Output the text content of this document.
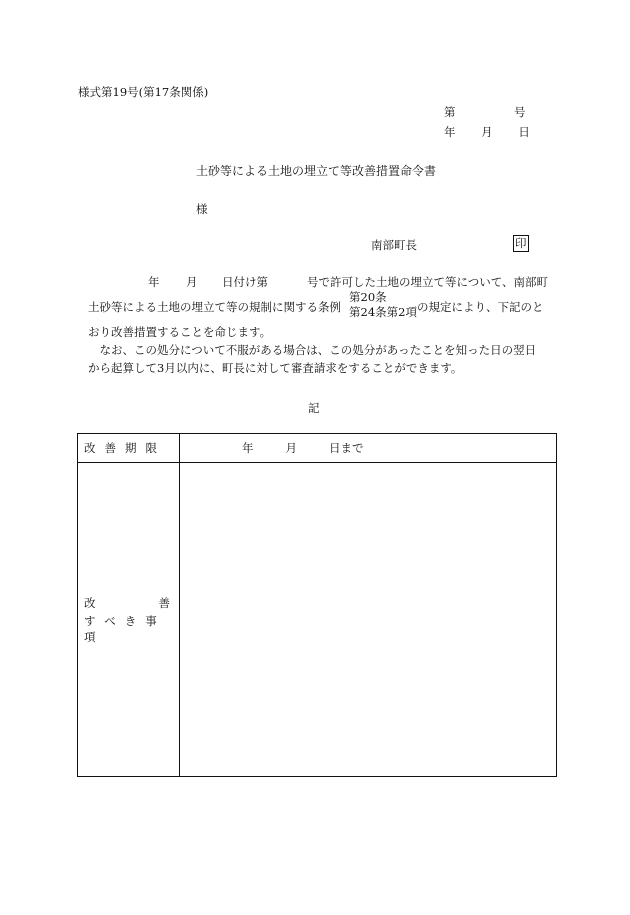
様式第19号(第17条関係)
第	号
年 月 日
土砂等による土地の埋立て等改善措置命令書
様
南部町長	印
年 月 日付け第	号で許可した土地の埋立て等について、南部町
土砂等による土地の埋立て等の規制に関する条例
第20条
第24条第2項 の規定により、下記のと
おり改善措置することを命じます。
　なお、この処分について不服がある場合は、この処分があったことを知った日の翌日
から起算して3月以内に、町長に対して審査請求をすることができます。
記
改善期限	年 月 日まで

改 善
すべき事項	
